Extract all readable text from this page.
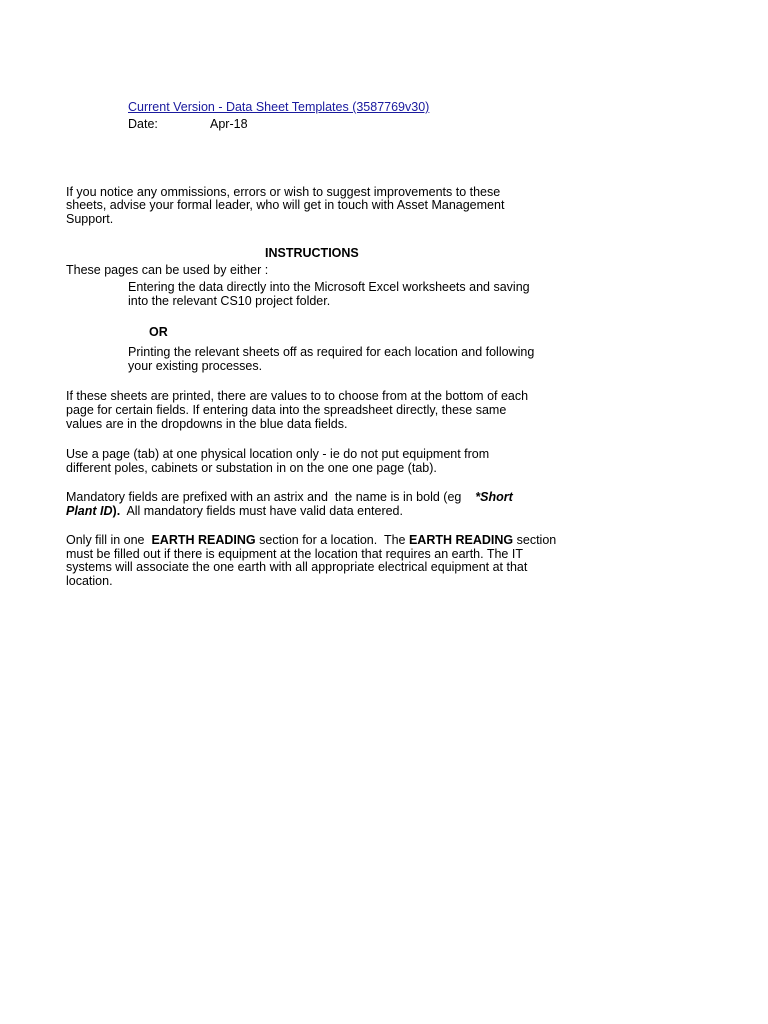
Current Version - Data Sheet Templates (3587769v30)
Date:	Apr-18
If you notice any ommissions, errors or wish to suggest improvements to these
sheets, advise your formal leader, who will get in touch with Asset Management
Support.
INSTRUCTIONS
These pages can be used by either :
Entering the data directly into the Microsoft Excel worksheets and saving
into the relevant CS10 project folder.
OR
Printing the relevant sheets off as required for each location and following
your existing processes.
If these sheets are printed, there are values to to choose from at the bottom of each
page for certain fields. If entering data into the spreadsheet directly, these same
values are in the dropdowns in the blue data fields.
Use a page (tab) at one physical location only - ie do not put equipment from
different poles, cabinets or substation in on the one one page (tab).
Mandatory fields are prefixed with an astrix and  the name is in bold (eg    *Short
Plant ID).  All mandatory fields must have valid data entered.
Only fill in one  EARTH READING section for a location.  The EARTH READING section
must be filled out if there is equipment at the location that requires an earth. The IT
systems will associate the one earth with all appropriate electrical equipment at that
location.
